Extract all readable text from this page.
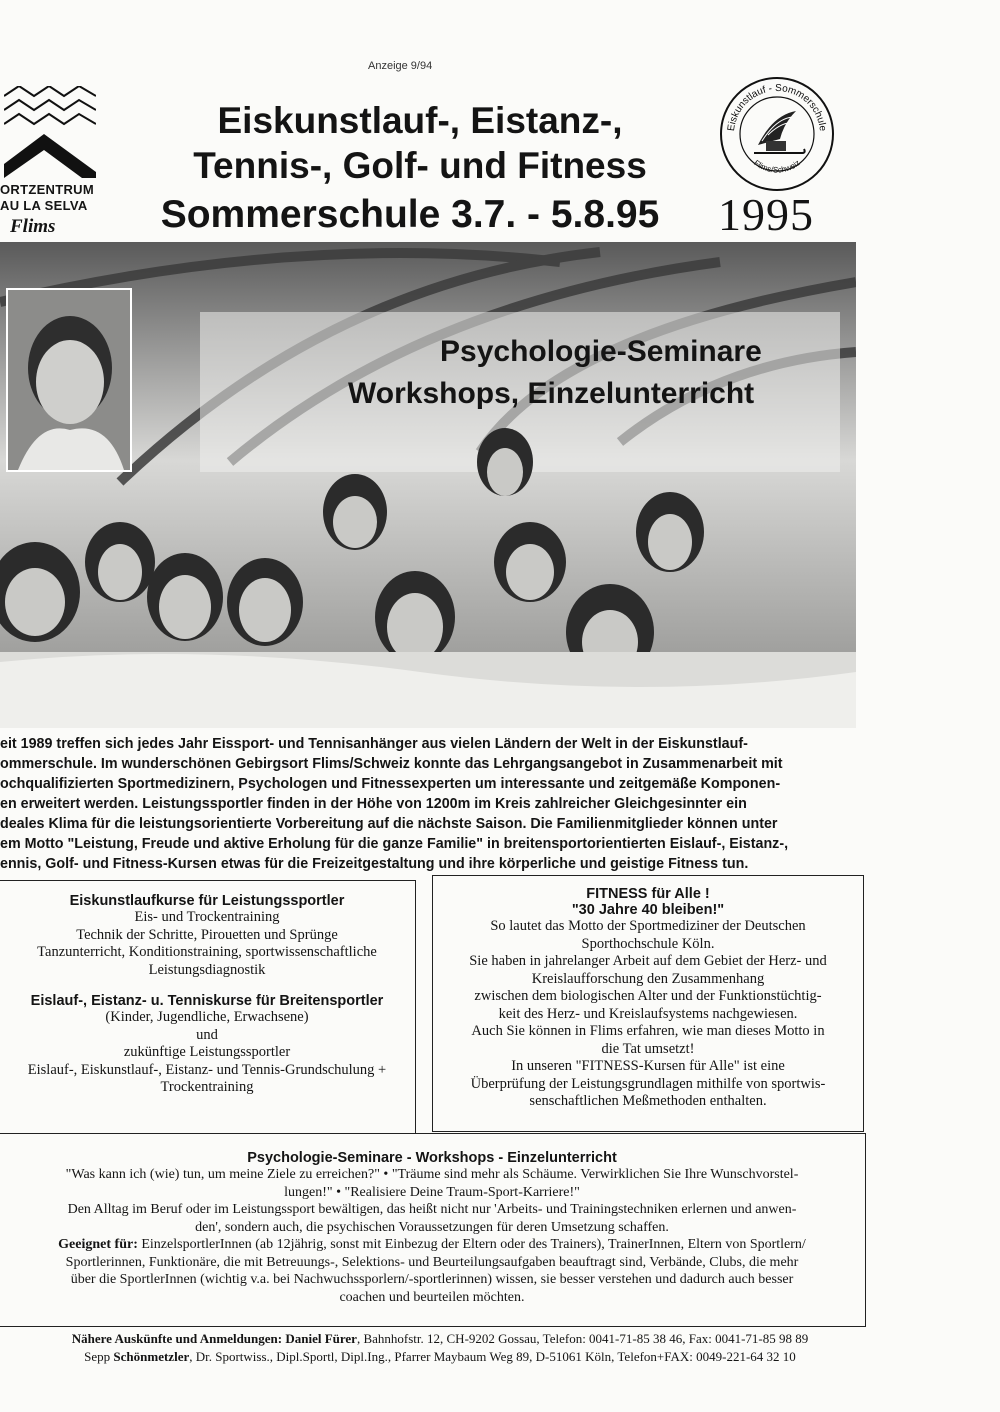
Anzeige 9/94
ORTZENTRUM
AU LA SELVA
Flims
Eiskunstlauf-, Eistanz-,
Tennis-, Golf- und Fitness
Sommerschule 3.7. - 5.8.95
Eiskunstlauf - Sommerschule
Flims/Schweiz
1995
Psychologie-Seminare
Workshops, Einzelunterricht
eit 1989 treffen sich jedes Jahr Eissport- und Tennisanhänger aus vielen Ländern der Welt in der Eiskunstlauf-
ommerschule. Im wunderschönen Gebirgsort Flims/Schweiz konnte das Lehrgangsangebot in Zusammenarbeit mit
ochqualifizierten Sportmedizinern, Psychologen und Fitnessexperten um interessante und zeitgemäße Komponen-
en erweitert werden. Leistungssportler finden in der Höhe von 1200m im Kreis zahlreicher Gleichgesinnter ein
deales Klima für die leistungsorientierte Vorbereitung auf die nächste Saison. Die Familienmitglieder können unter
em Motto "Leistung, Freude und aktive Erholung für die ganze Familie" in breitensportorientierten Eislauf-, Eistanz-,
ennis, Golf- und Fitness-Kursen etwas für die Freizeitgestaltung und ihre körperliche und geistige Fitness tun.
Eiskunstlaufkurse für Leistungssportler
Eis- und Trockentraining
Technik der Schritte, Pirouetten und Sprünge
Tanzunterricht, Konditionstraining, sportwissenschaftliche
Leistungsdiagnostik
Eislauf-, Eistanz- u. Tenniskurse für Breitensportler
(Kinder, Jugendliche, Erwachsene)
und
zukünftige Leistungssportler
Eislauf-, Eiskunstlauf-, Eistanz- und Tennis-Grundschulung +
Trockentraining
FITNESS für Alle !
"30 Jahre 40 bleiben!"
So lautet das Motto der Sportmediziner der Deutschen
Sporthochschule Köln.
Sie haben in jahrelanger Arbeit auf dem Gebiet der Herz- und
Kreislaufforschung den Zusammenhang
zwischen dem biologischen Alter und der Funktionstüchtig-
keit des Herz- und Kreislaufsystems nachgewiesen.
Auch Sie können in Flims erfahren, wie man dieses Motto in
die Tat umsetzt!
In unseren "FITNESS-Kursen für Alle" ist eine
Überprüfung der Leistungsgrundlagen mithilfe von sportwis-
senschaftlichen Meßmethoden enthalten.
Psychologie-Seminare - Workshops - Einzelunterricht
"Was kann ich (wie) tun, um meine Ziele zu erreichen?" • "Träume sind mehr als Schäume. Verwirklichen Sie Ihre Wunschvorstel-
lungen!" • "Realisiere Deine Traum-Sport-Karriere!"
Den Alltag im Beruf oder im Leistungssport bewältigen, das heißt nicht nur 'Arbeits- und Trainingstechniken erlernen und anwen-
den', sondern auch, die psychischen Voraussetzungen für deren Umsetzung schaffen.
Geeignet für: EinzelsportlerInnen (ab 12jährig, sonst mit Einbezug der Eltern oder des Trainers), TrainerInnen, Eltern von Sportlern/
Sportlerinnen, Funktionäre, die mit Betreuungs-, Selektions- und Beurteilungsaufgaben beauftragt sind, Verbände, Clubs, die mehr
über die SportlerInnen (wichtig v.a. bei Nachwuchssporlern/-sportlerinnen) wissen, sie besser verstehen und dadurch auch besser
coachen und beurteilen möchten.
Nähere Auskünfte und Anmeldungen: Daniel Fürer, Bahnhofstr. 12, CH-9202 Gossau, Telefon: 0041-71-85 38 46, Fax: 0041-71-85 98 89
Sepp Schönmetzler, Dr. Sportwiss., Dipl.Sportl, Dipl.Ing., Pfarrer Maybaum Weg 89, D-51061 Köln, Telefon+FAX: 0049-221-64 32 10
